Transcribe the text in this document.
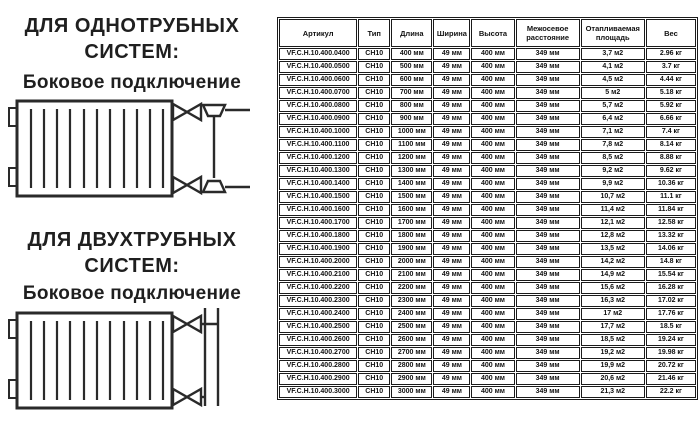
ДЛЯ ОДНОТРУБНЫХ
СИСТЕМ:
Боковое подключение
ДЛЯ ДВУХТРУБНЫХ
СИСТЕМ:
Боковое подключение
Артикул	Тип	Длина	Ширина	Высота	Межосевое расстояние	Отапливаемая площадь	Вес
VF.C.H.10.400.0400	CH10	400 мм	49 мм	400 мм	349 мм	3,7 м2	2.96 кг
VF.C.H.10.400.0500	CH10	500 мм	49 мм	400 мм	349 мм	4,1 м2	3.7 кг
VF.C.H.10.400.0600	CH10	600 мм	49 мм	400 мм	349 мм	4,5 м2	4.44 кг
VF.C.H.10.400.0700	CH10	700 мм	49 мм	400 мм	349 мм	5 м2	5.18 кг
VF.C.H.10.400.0800	CH10	800 мм	49 мм	400 мм	349 мм	5,7 м2	5.92 кг
VF.C.H.10.400.0900	CH10	900 мм	49 мм	400 мм	349 мм	6,4 м2	6.66 кг
VF.C.H.10.400.1000	CH10	1000 мм	49 мм	400 мм	349 мм	7,1 м2	7.4 кг
VF.C.H.10.400.1100	CH10	1100 мм	49 мм	400 мм	349 мм	7,8 м2	8.14 кг
VF.C.H.10.400.1200	CH10	1200 мм	49 мм	400 мм	349 мм	8,5 м2	8.88 кг
VF.C.H.10.400.1300	CH10	1300 мм	49 мм	400 мм	349 мм	9,2 м2	9.62 кг
VF.C.H.10.400.1400	CH10	1400 мм	49 мм	400 мм	349 мм	9,9 м2	10.36 кг
VF.C.H.10.400.1500	CH10	1500 мм	49 мм	400 мм	349 мм	10,7 м2	11.1 кг
VF.C.H.10.400.1600	CH10	1600 мм	49 мм	400 мм	349 мм	11,4 м2	11.84 кг
VF.C.H.10.400.1700	CH10	1700 мм	49 мм	400 мм	349 мм	12,1 м2	12.58 кг
VF.C.H.10.400.1800	CH10	1800 мм	49 мм	400 мм	349 мм	12,8 м2	13.32 кг
VF.C.H.10.400.1900	CH10	1900 мм	49 мм	400 мм	349 мм	13,5 м2	14.06 кг
VF.C.H.10.400.2000	CH10	2000 мм	49 мм	400 мм	349 мм	14,2 м2	14.8 кг
VF.C.H.10.400.2100	CH10	2100 мм	49 мм	400 мм	349 мм	14,9 м2	15.54 кг
VF.C.H.10.400.2200	CH10	2200 мм	49 мм	400 мм	349 мм	15,6 м2	16.28 кг
VF.C.H.10.400.2300	CH10	2300 мм	49 мм	400 мм	349 мм	16,3 м2	17.02 кг
VF.C.H.10.400.2400	CH10	2400 мм	49 мм	400 мм	349 мм	17 м2	17.76 кг
VF.C.H.10.400.2500	CH10	2500 мм	49 мм	400 мм	349 мм	17,7 м2	18.5 кг
VF.C.H.10.400.2600	CH10	2600 мм	49 мм	400 мм	349 мм	18,5 м2	19.24 кг
VF.C.H.10.400.2700	CH10	2700 мм	49 мм	400 мм	349 мм	19,2 м2	19.98 кг
VF.C.H.10.400.2800	CH10	2800 мм	49 мм	400 мм	349 мм	19,9 м2	20.72 кг
VF.C.H.10.400.2900	CH10	2900 мм	49 мм	400 мм	349 мм	20,6 м2	21.46 кг
VF.C.H.10.400.3000	CH10	3000 мм	49 мм	400 мм	349 мм	21,3 м2	22.2 кг
